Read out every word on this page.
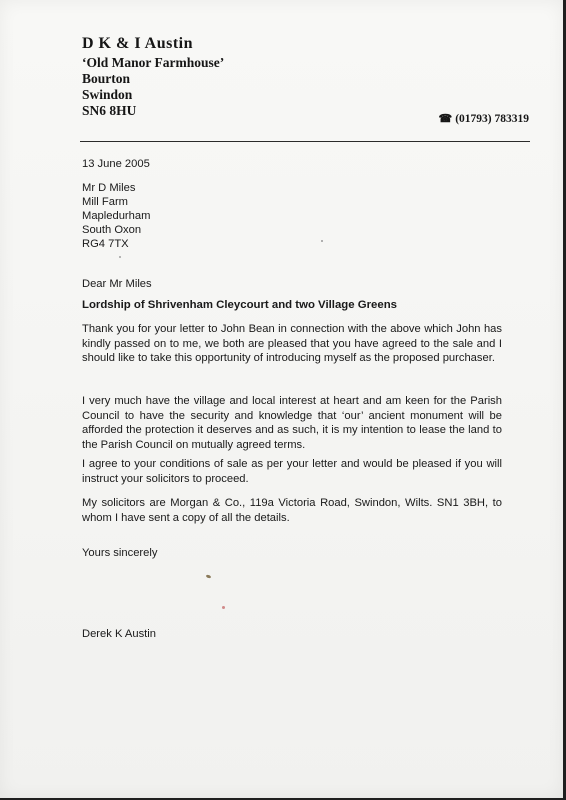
D K & I Austin
‘Old Manor Farmhouse’
Bourton
Swindon
SN6 8HU
☎ (01793) 783319
13 June 2005
Mr D Miles
Mill Farm
Mapledurham
South Oxon
RG4 7TX
Dear Mr Miles
Lordship of Shrivenham Cleycourt and two Village Greens
Thank you for your letter to John Bean in connection with the above which John has kindly passed on to me, we both are pleased that you have agreed to the sale and I should like to take this opportunity of introducing myself as the proposed purchaser.
I very much have the village and local interest at heart and am keen for the Parish Council to have the security and knowledge that ‘our’ ancient monument will be afforded the protection it deserves and as such, it is my intention to lease the land to the Parish Council on mutually agreed terms.
I agree to your conditions of sale as per your letter and would be pleased if you will instruct your solicitors to proceed.
My solicitors are Morgan & Co., 119a Victoria Road, Swindon, Wilts. SN1 3BH, to whom I have sent a copy of all the details.
Yours sincerely
Derek K Austin
